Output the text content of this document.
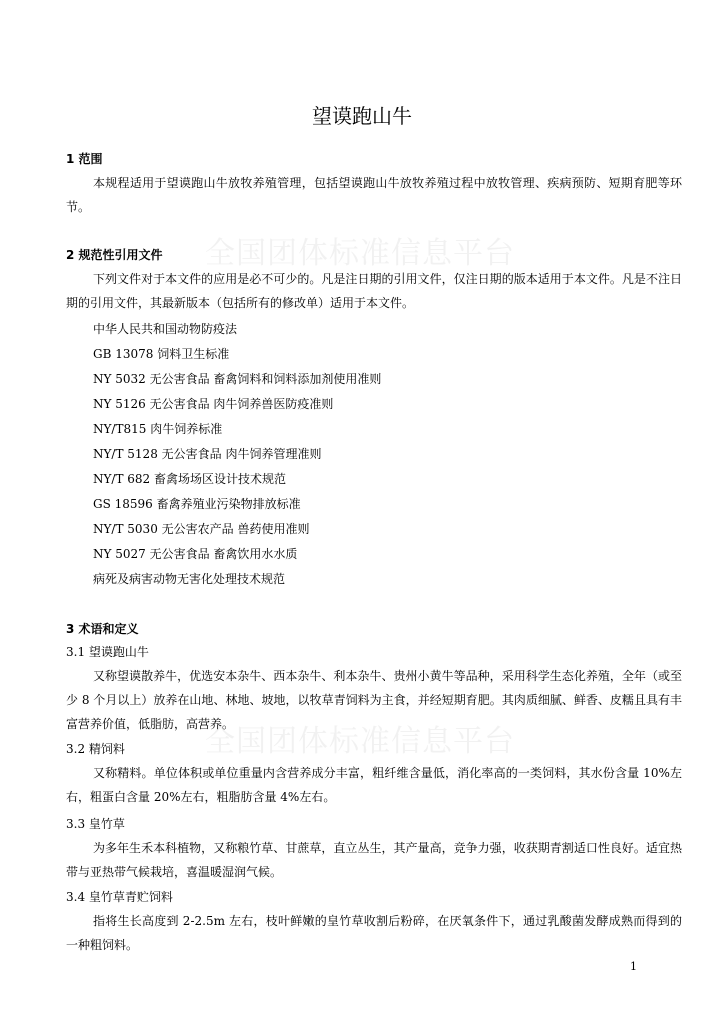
全国团体标准信息平台
全国团体标准信息平台
望谟跑山牛
1 范围

本规程适用于望谟跑山牛放牧养殖管理，包括望谟跑山牛放牧养殖过程中放牧管理、疾病预防、短期育肥等环节。

2 规范性引用文件

下列文件对于本文件的应用是必不可少的。凡是注日期的引用文件，仅注日期的版本适用于本文件。凡是不注日期的引用文件，其最新版本（包括所有的修改单）适用于本文件。

中华人民共和国动物防疫法
GB 13078 饲料卫生标准
NY 5032 无公害食品 畜禽饲料和饲料添加剂使用准则
NY 5126 无公害食品 肉牛饲养兽医防疫准则
NY/T815 肉牛饲养标准
NY/T 5128 无公害食品 肉牛饲养管理准则
NY/T 682 畜禽场场区设计技术规范
GS 18596 畜禽养殖业污染物排放标准
NY/T 5030 无公害农产品 兽药使用准则
NY 5027 无公害食品 畜禽饮用水水质
病死及病害动物无害化处理技术规范
3 术语和定义
3.1 望谟跑山牛

又称望谟散养牛，优选安本杂牛、西本杂牛、利本杂牛、贵州小黄牛等品种，采用科学生态化养殖，全年（或至少 8 个月以上）放养在山地、林地、坡地，以牧草青饲料为主食，并经短期育肥。其肉质细腻、鲜香、皮糯且具有丰富营养价值，低脂肪，高营养。

3.2 精饲料

又称精料。单位体积或单位重量内含营养成分丰富，粗纤维含量低，消化率高的一类饲料，其水份含量 10%左右，粗蛋白含量 20%左右，粗脂肪含量 4%左右。

3.3 皇竹草

为多年生禾本科植物，又称粮竹草、甘蔗草，直立丛生，其产量高，竞争力强，收获期青割适口性良好。适宜热带与亚热带气候栽培，喜温暖湿润气候。

3.4 皇竹草青贮饲料

指将生长高度到 2-2.5m 左右，枝叶鲜嫩的皇竹草收割后粉碎，在厌氧条件下，通过乳酸菌发酵成熟而得到的一种粗饲料。

1
